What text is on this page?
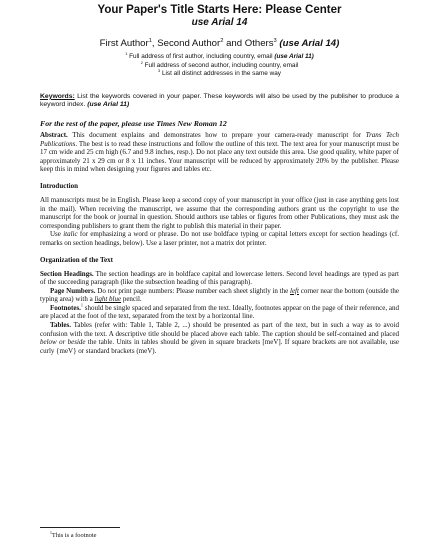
Your Paper's Title Starts Here: Please Center

use Arial 14

First Author$^1$, Second Author$^2$ and Others$^3$ (use Arial 14)

$^1$ Full address of first author, including country, email (use Arial 11)

$^2$ Full address of second author, including country, email

$^3$ List all distinct addresses in the same way

Keywords: List the keywords covered in your paper. These keywords will also be used by the publisher to produce a keyword index. (use Arial 11)

For the rest of the paper, please use Times New Roman 12

Abstract. This document explains and demonstrates how to prepare your camera-ready manuscript for Trans Tech Publications. The best is to read these instructions and follow the outline of this text. The text area for your manuscript must be 17 cm wide and 25 cm high (6.7 and 9.8 inches, resp.). Do not place any text outside this area. Use good quality, white paper of approximately 21 x 29 cm or 8 x 11 inches. Your manuscript will be reduced by approximately 20% by the publisher. Please keep this in mind when designing your figures and tables etc.

Introduction

All manuscripts must be in English. Please keep a second copy of your manuscript in your office (just in case anything gets lost in the mail). When receiving the manuscript, we assume that the corresponding authors grant us the copyright to use the manuscript for the book or journal in question. Should authors use tables or figures from other Publications, they must ask the corresponding publishers to grant them the right to publish this material in their paper.

Use italic for emphasizing a word or phrase. Do not use boldface typing or capital letters except for section headings (cf. remarks on section headings, below). Use a laser printer, not a matrix dot printer.

Organization of the Text

Section Headings. The section headings are in boldface capital and lowercase letters. Second level headings are typed as part of the succeeding paragraph (like the subsection heading of this paragraph).

Page Numbers. Do not print page numbers: Please number each sheet slightly in the left corner near the bottom (outside the typing area) with a light blue pencil.

Footnotes.$^1$ should be single spaced and separated from the text. Ideally, footnotes appear on the page of their reference, and are placed at the foot of the text, separated from the text by a horizontal line.

Tables. Tables (refer with: Table 1, Table 2, ...) should be presented as part of the text, but in such a way as to avoid confusion with the text. A descriptive title should be placed above each table. The caption should be self-contained and placed below or beside the table. Units in tables should be given in square brackets [meV]. If square brackets are not available, use curly {meV} or standard brackets (meV).

$^1$This is a footnote
